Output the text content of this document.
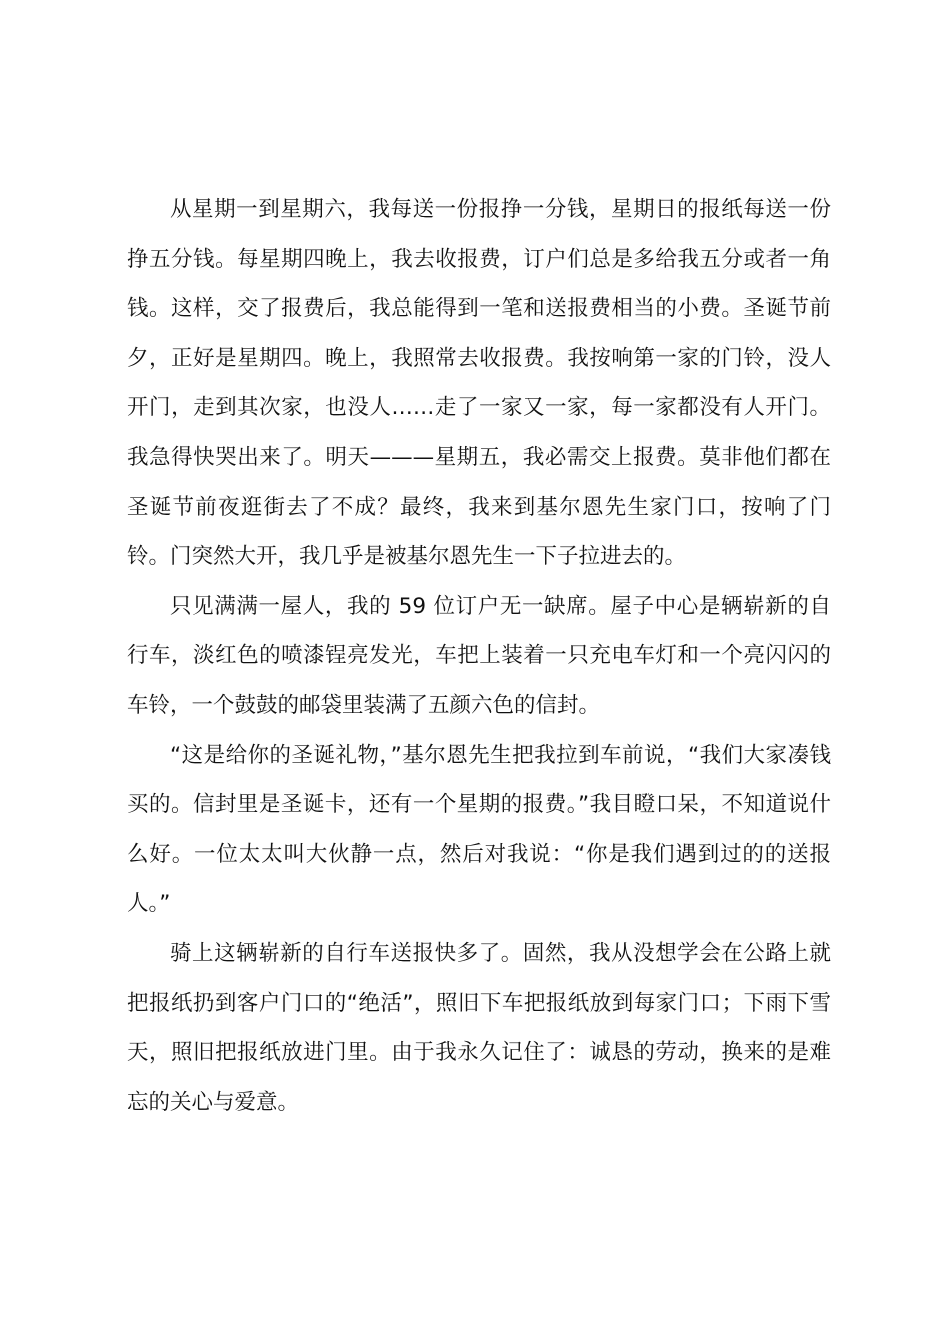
从星期一到星期六，我每送一份报挣一分钱，星期日的报纸每送一份挣五分钱。每星期四晚上，我去收报费，订户们总是多给我五分或者一角钱。这样，交了报费后，我总能得到一笔和送报费相当的小费。圣诞节前夕，正好是星期四。晚上，我照常去收报费。我按响第一家的门铃，没人开门，走到其次家，也没人……走了一家又一家，每一家都没有人开门。我急得快哭出来了。明天———星期五，我必需交上报费。莫非他们都在圣诞节前夜逛街去了不成？最终，我来到基尔恩先生家门口，按响了门铃。门突然大开，我几乎是被基尔恩先生一下子拉进去的。

只见满满一屋人，我的 59 位订户无一缺席。屋子中心是辆崭新的自行车，淡红色的喷漆锃亮发光，车把上装着一只充电车灯和一个亮闪闪的车铃，一个鼓鼓的邮袋里装满了五颜六色的信封。

“这是给你的圣诞礼物，”基尔恩先生把我拉到车前说，“我们大家凑钱买的。信封里是圣诞卡，还有一个星期的报费。”我目瞪口呆，不知道说什么好。一位太太叫大伙静一点，然后对我说：“你是我们遇到过的的送报人。”

骑上这辆崭新的自行车送报快多了。固然，我从没想学会在公路上就把报纸扔到客户门口的“绝活”，照旧下车把报纸放到每家门口；下雨下雪天，照旧把报纸放进门里。由于我永久记住了：诚恳的劳动，换来的是难忘的关心与爱意。
